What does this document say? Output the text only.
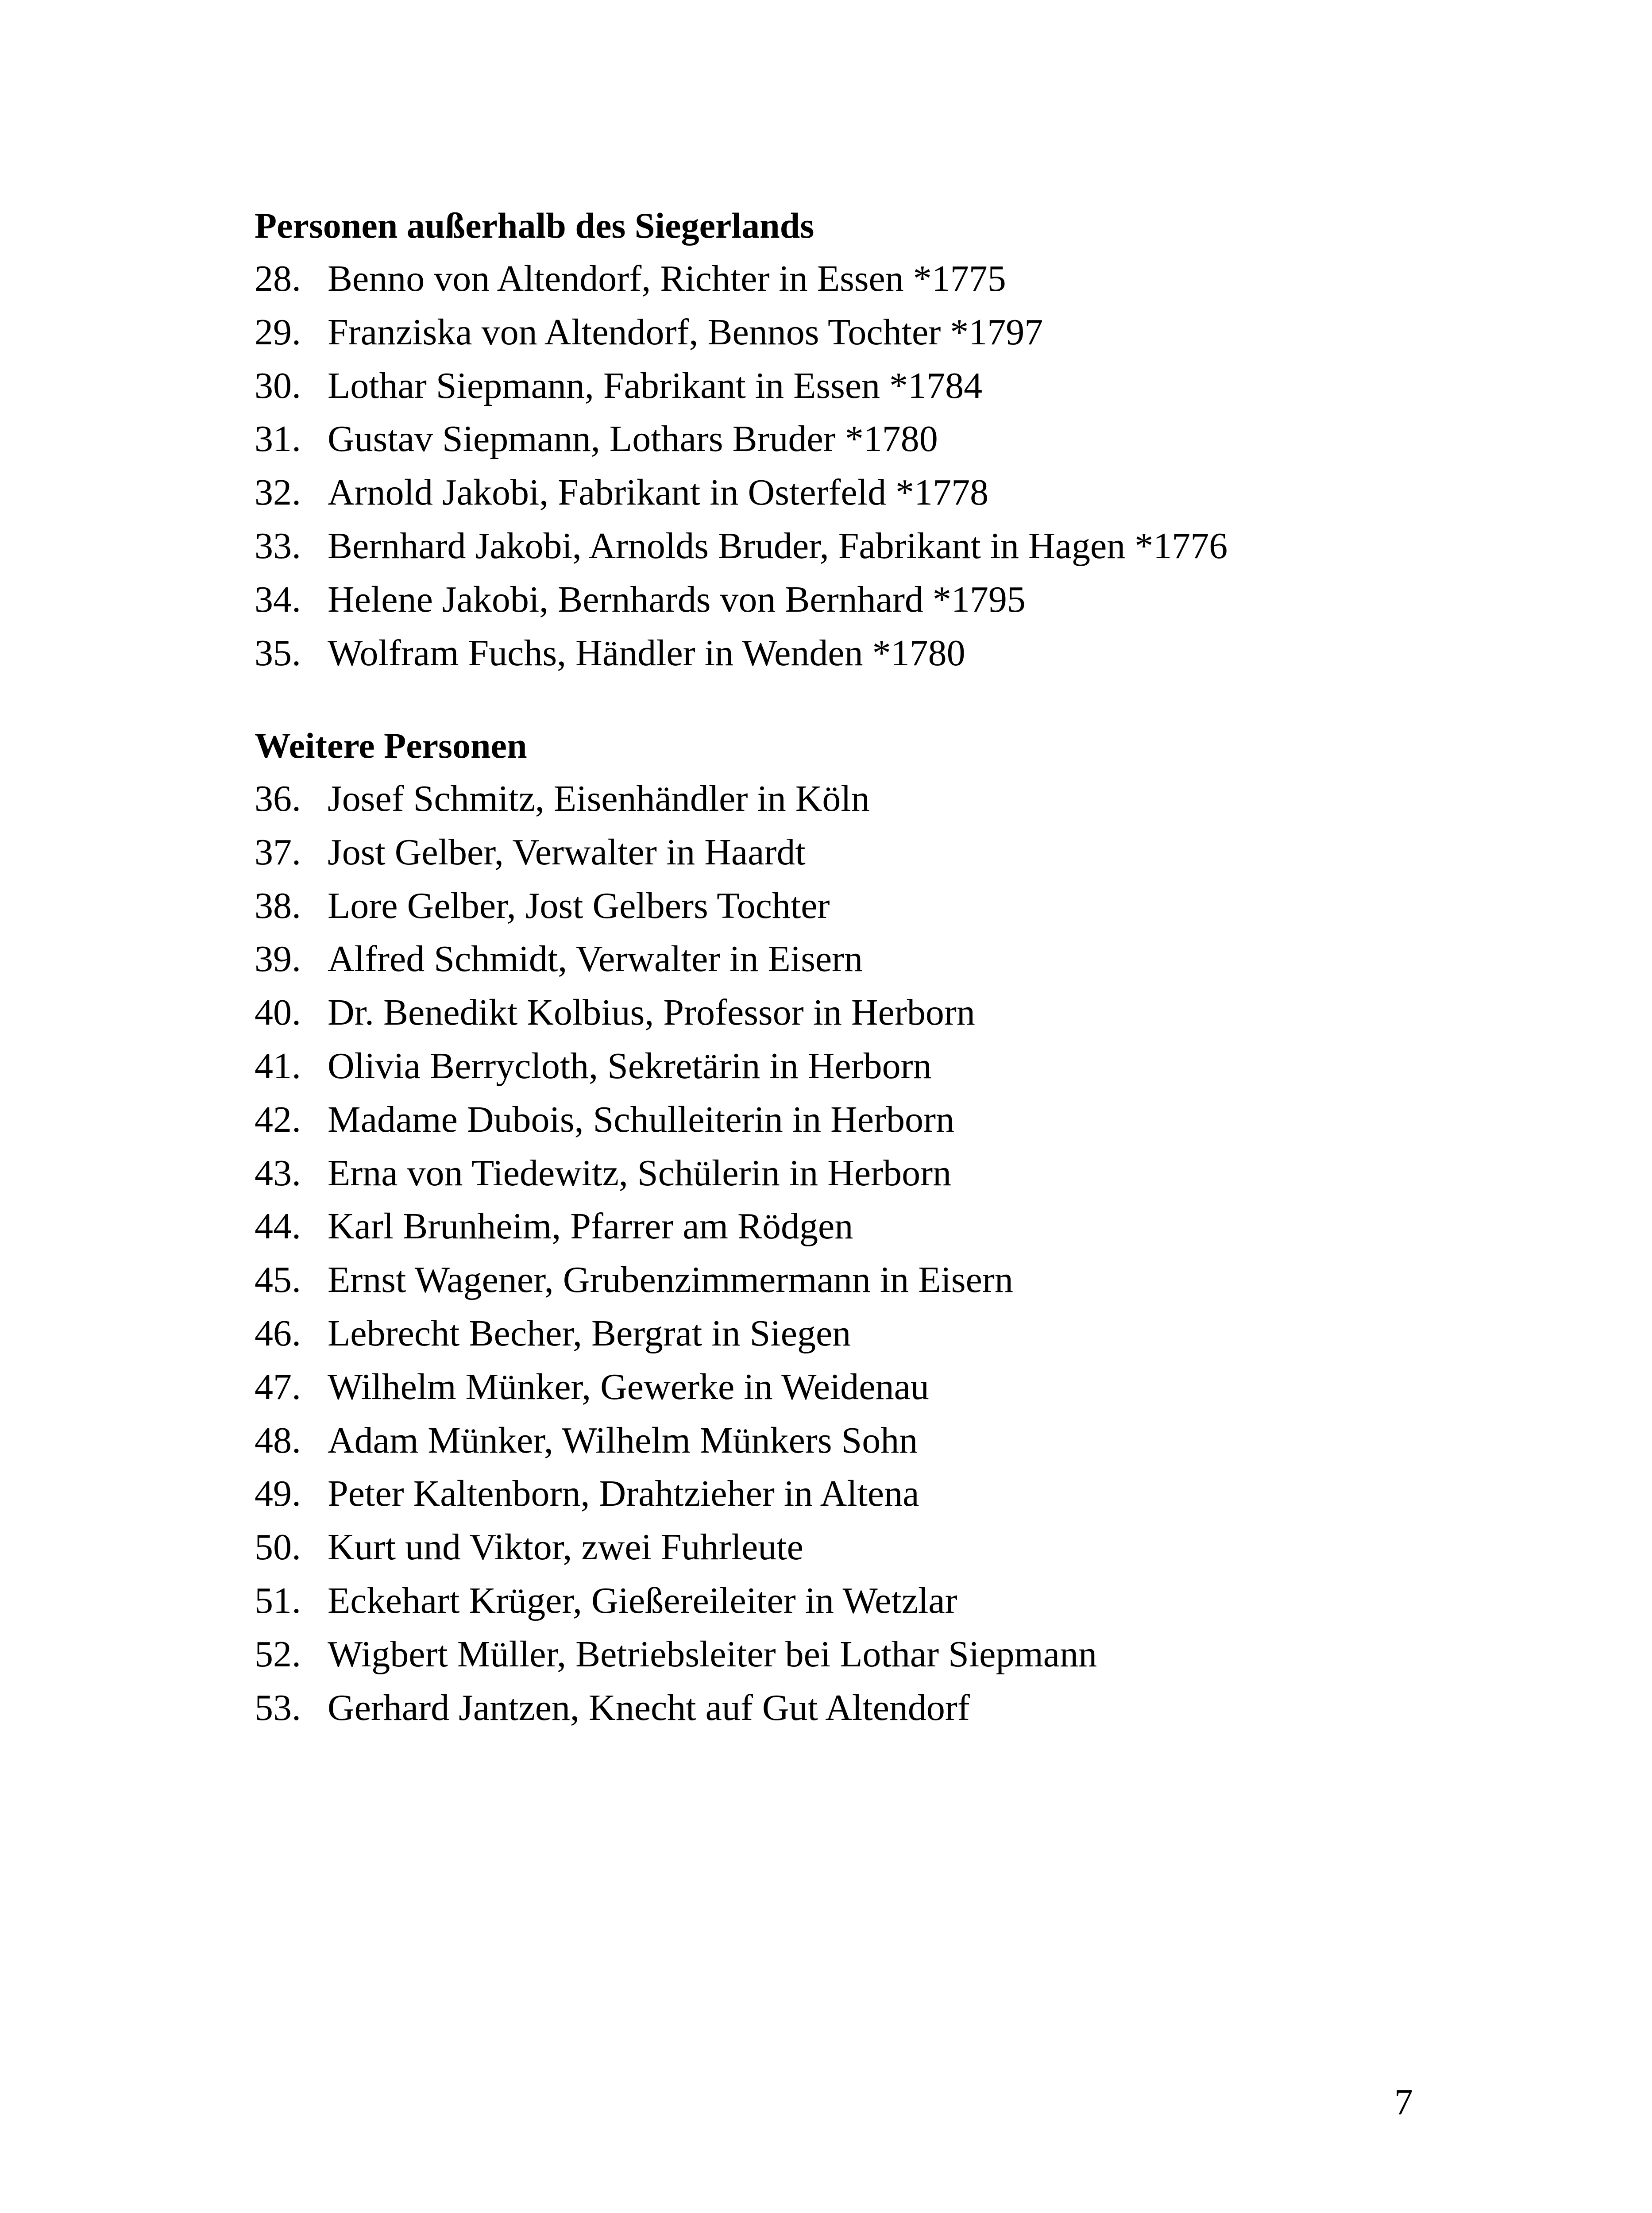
Personen außerhalb des Siegerlands
28. Benno von Altendorf, Richter in Essen *1775
29. Franziska von Altendorf, Bennos Tochter *1797
30. Lothar Siepmann, Fabrikant in Essen *1784
31. Gustav Siepmann, Lothars Bruder *1780
32. Arnold Jakobi, Fabrikant in Osterfeld *1778
33. Bernhard Jakobi, Arnolds Bruder, Fabrikant in Hagen *1776
34. Helene Jakobi, Bernhards von Bernhard *1795
35. Wolfram Fuchs, Händler in Wenden *1780
Weitere Personen
36. Josef Schmitz, Eisenhändler in Köln
37. Jost Gelber, Verwalter in Haardt
38. Lore Gelber, Jost Gelbers Tochter
39. Alfred Schmidt, Verwalter in Eisern
40. Dr. Benedikt Kolbius, Professor in Herborn
41. Olivia Berrycloth, Sekretärin in Herborn
42. Madame Dubois, Schulleiterin in Herborn
43. Erna von Tiedewitz, Schülerin in Herborn
44. Karl Brunheim, Pfarrer am Rödgen
45. Ernst Wagener, Grubenzimmermann in Eisern
46. Lebrecht Becher, Bergrat in Siegen
47. Wilhelm Münker, Gewerke in Weidenau
48. Adam Münker, Wilhelm Münkers Sohn
49. Peter Kaltenborn, Drahtzieher in Altena
50. Kurt und Viktor, zwei Fuhrleute
51. Eckehart Krüger, Gießereileiter in Wetzlar
52. Wigbert Müller, Betriebsleiter bei Lothar Siepmann
53. Gerhard Jantzen, Knecht auf Gut Altendorf
7
